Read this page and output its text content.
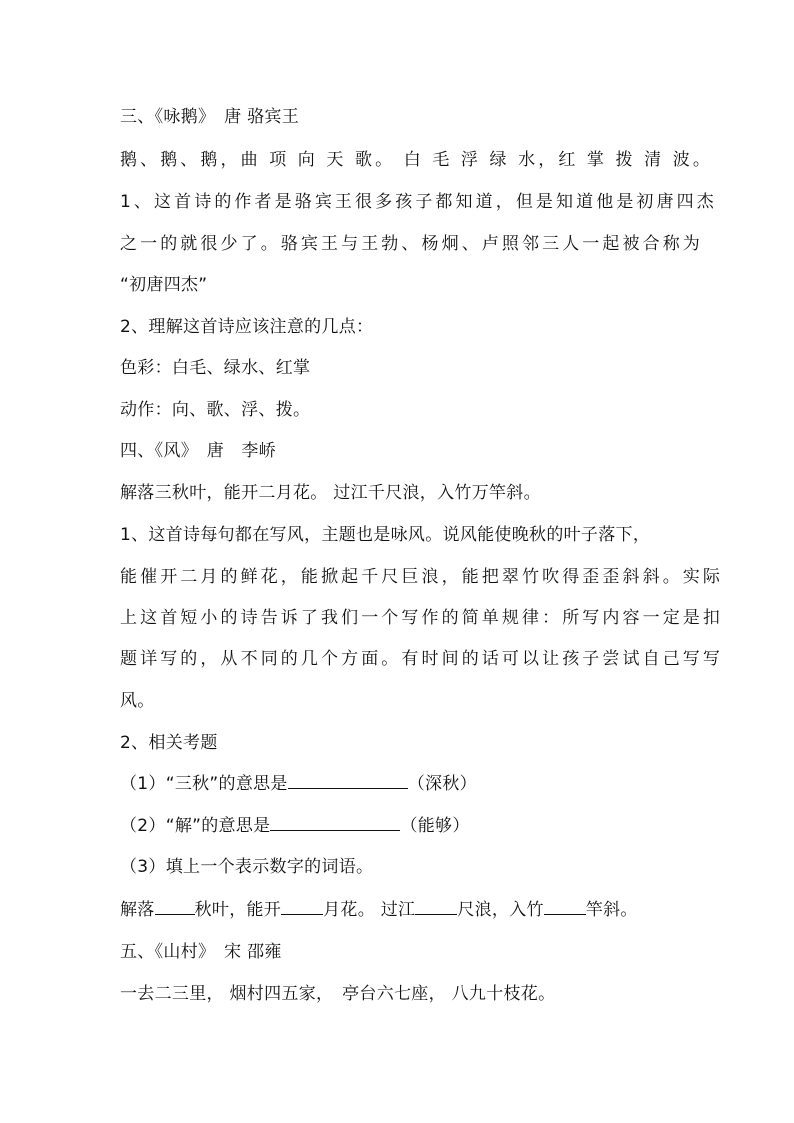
三、《咏鹅》　唐 骆宾王
鹅、鹅、鹅，曲 项 向 天 歌。 白 毛 浮 绿 水，红 掌 拨 清 波。
1、这首诗的作者是骆宾王很多孩子都知道，但是知道他是初唐四杰
之一的就很少了。骆宾王与王勃、杨炯、卢照邻三人一起被合称为
“初唐四杰”
2、理解这首诗应该注意的几点：
色彩：白毛、绿水、红掌
动作：向、歌、浮、拨。
四、《风》　唐　李峤
解落三秋叶，能开二月花。 过江千尺浪，入竹万竿斜。
1、这首诗每句都在写风，主题也是咏风。说风能使晚秋的叶子落下，
能催开二月的鲜花，能掀起千尺巨浪，能把翠竹吹得歪歪斜斜。实际
上这首短小的诗告诉了我们一个写作的简单规律：所写内容一定是扣
题详写的，从不同的几个方面。有时间的话可以让孩子尝试自己写写
风。
2、相关考题
（1）“三秋”的意思是	（深秋）
（2）“解”的意思是	（能够）
（3）填上一个表示数字的词语。
解落 秋叶，能开 月花。 过江 尺浪，入竹 竿斜。
五、《山村》　宋 邵雍
一去二三里， 烟村四五家，　亭台六七座， 八九十枝花。
